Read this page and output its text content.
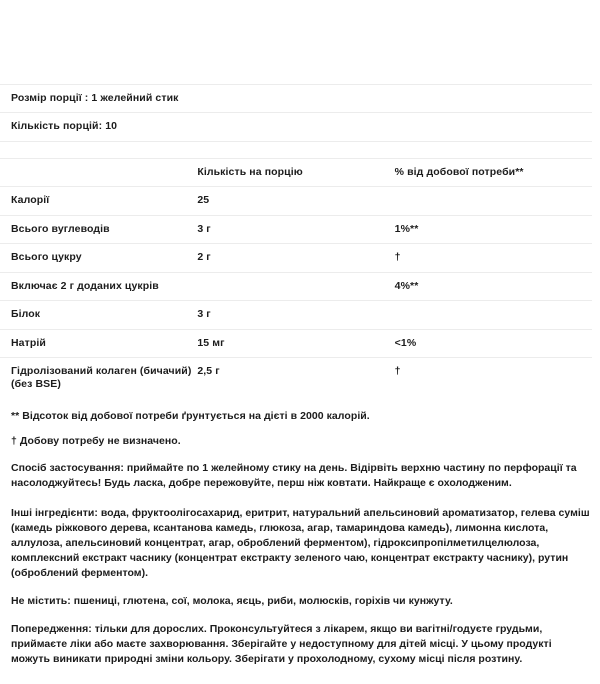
Розмір порції : 1 желейний стик		
Кількість порцій: 10		

	Кількість на порцію	% від добової потреби**
Калорії	25	
Всього вуглеводів	3 г	1%**
Всього цукру	2 г	†
Включає 2 г доданих цукрів		4%**
Білок	3 г	
Натрій	15 мг	<1%

Гідролізований колаген (бичачий)
(без BSE)	2,5 г	†

** Відсоток від добової потреби ґрунтується на дієті в 2000 калорій.

† Добову потребу не визначено.

Спосіб застосування: приймайте по 1 желейному стику на день. Відірвіть верхню частину по перфорації та насолоджуйтесь! Будь ласка, добре пережовуйте, перш ніж ковтати. Найкраще є охолодженим.

Інші інгредієнти: вода, фруктоолігосахарид, еритрит, натуральний апельсиновий ароматизатор, гелева суміш (камедь ріжкового дерева, ксантанова камедь, глюкоза, агар, тамариндова камедь), лимонна кислота, аллулоза, апельсиновий концентрат, агар, оброблений ферментом), гідроксипропілметилцелюлоза, комплексний екстракт часнику (концентрат екстракту зеленого чаю, концентрат екстракту часнику), рутин (оброблений ферментом).

Не містить: пшениці, глютена, сої, молока, яєць, риби, молюсків, горіхів чи кунжуту.

Попередження: тільки для дорослих. Проконсультуйтеся з лікарем, якщо ви вагітні/годуєте грудьми, приймаєте ліки або маєте захворювання. Зберігайте у недоступному для дітей місці. У цьому продукті можуть виникати природні зміни кольору. Зберігати у прохолодному, сухому місці після розтину.
